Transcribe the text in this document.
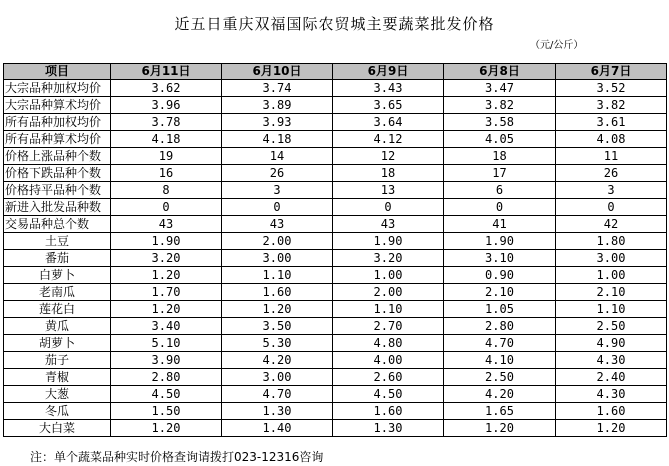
近五日重庆双福国际农贸城主要蔬菜批发价格
（元/公斤）
项目	6月11日	6月10日	6月9日	6月8日	6月7日
大宗品种加权均价	3.62	3.74	3.43	3.47	3.52
大宗品种算术均价	3.96	3.89	3.65	3.82	3.82
所有品种加权均价	3.78	3.93	3.64	3.58	3.61
所有品种算术均价	4.18	4.18	4.12	4.05	4.08
价格上涨品种个数	19	14	12	18	11
价格下跌品种个数	16	26	18	17	26
价格持平品种个数	8	3	13	6	3
新进入批发品种数	0	0	0	0	0
交易品种总个数	43	43	43	41	42
土豆	1.90	2.00	1.90	1.90	1.80
番茄	3.20	3.00	3.20	3.10	3.00
白萝卜	1.20	1.10	1.00	0.90	1.00
老南瓜	1.70	1.60	2.00	2.10	2.10
莲花白	1.20	1.20	1.10	1.05	1.10
黄瓜	3.40	3.50	2.70	2.80	2.50
胡萝卜	5.10	5.30	4.80	4.70	4.90
茄子	3.90	4.20	4.00	4.10	4.30
青椒	2.80	3.00	2.60	2.50	2.40
大葱	4.50	4.70	4.50	4.20	4.30
冬瓜	1.50	1.30	1.60	1.65	1.60
大白菜	1.20	1.40	1.30	1.20	1.20
注：单个蔬菜品种实时价格查询请拨打023-12316咨询
